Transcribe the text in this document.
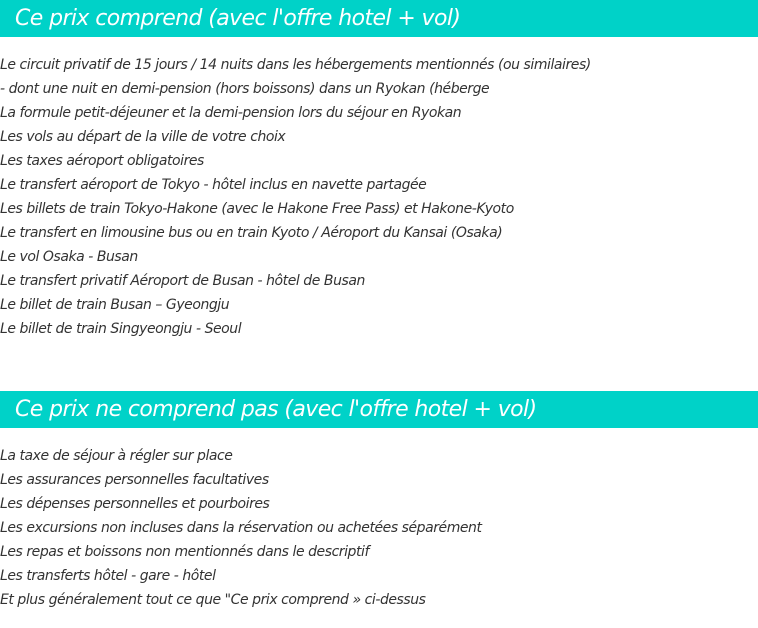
Ce prix comprend (avec l'offre hotel + vol)
Le circuit privatif de 15 jours / 14 nuits dans les hébergements mentionnés (ou similaires)
- dont une nuit en demi-pension (hors boissons) dans un Ryokan (héberge
La formule petit-déjeuner et la demi-pension lors du séjour en Ryokan
Les vols au départ de la ville de votre choix
Les taxes aéroport obligatoires
Le transfert aéroport de Tokyo - hôtel inclus en navette partagée
Les billets de train Tokyo-Hakone (avec le Hakone Free Pass) et Hakone-Kyoto
Le transfert en limousine bus ou en train Kyoto / Aéroport du Kansai (Osaka)
Le vol Osaka - Busan
Le transfert privatif Aéroport de Busan - hôtel de Busan
Le billet de train Busan – Gyeongju
Le billet de train Singyeongju - Seoul
Ce prix ne comprend pas (avec l'offre hotel + vol)
La taxe de séjour à régler sur place
Les assurances personnelles facultatives
Les dépenses personnelles et pourboires
Les excursions non incluses dans la réservation ou achetées séparément
Les repas et boissons non mentionnés dans le descriptif
Les transferts hôtel - gare - hôtel
Et plus généralement tout ce que "Ce prix comprend » ci-dessus
